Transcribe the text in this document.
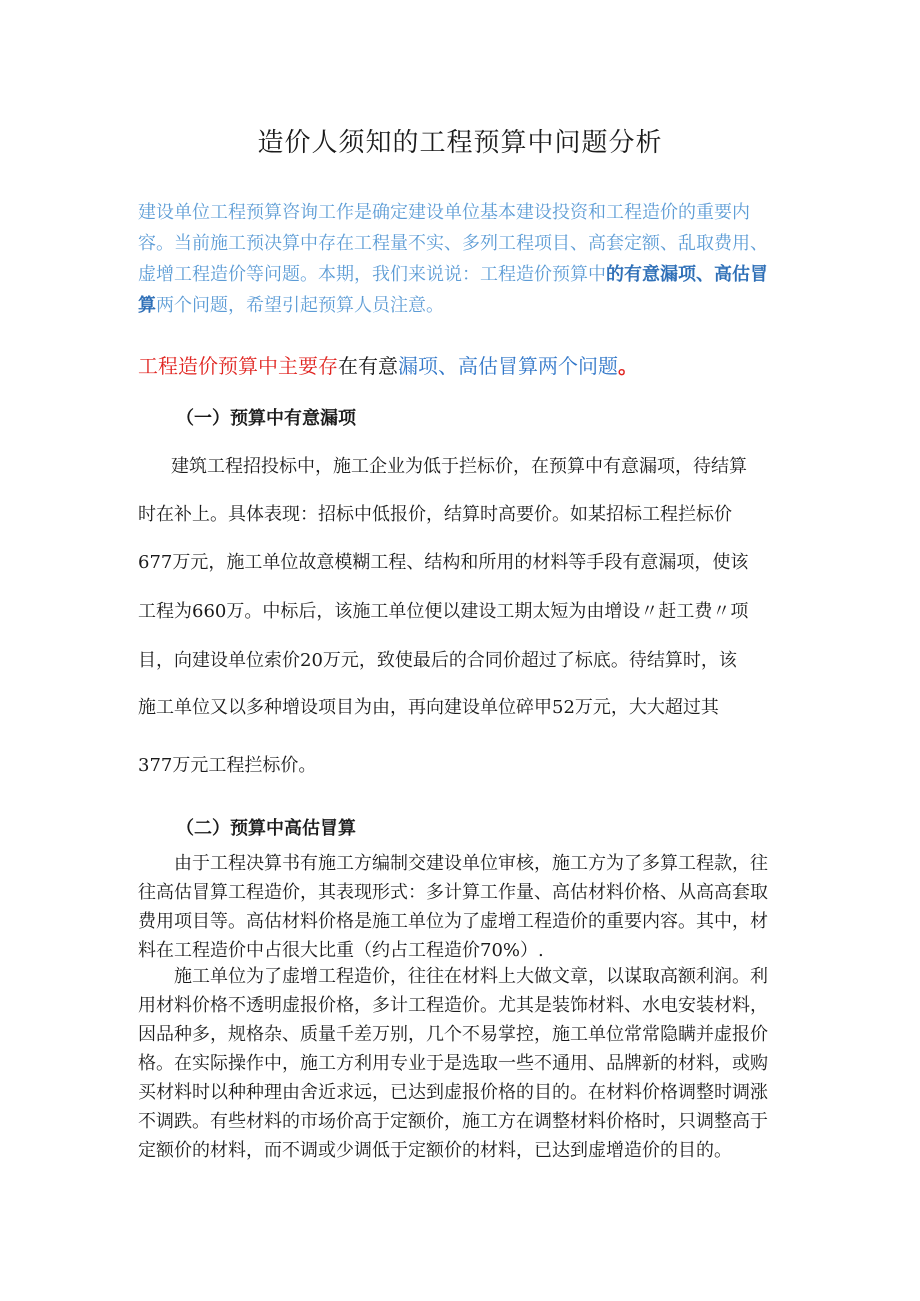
造价人须知的工程预算中问题分析
建设单位工程预算咨询工作是确定建设单位基本建设投资和工程造价的重要内容。当前施工预决算中存在工程量不实、多列工程项目、高套定额、乱取费用、虚增工程造价等问题。本期，我们来说说：工程造价预算中的有意漏项、高估冒算两个问题，希望引起预算人员注意。
工程造价预算中主要存在有意漏项、高估冒算两个问题。
（一）预算中有意漏项
建筑工程招投标中，施工企业为低于拦标价，在预算中有意漏项，待结算
时在补上。具体表现：招标中低报价，结算时高要价。如某招标工程拦标价
677万元，施工单位故意模糊工程、结构和所用的材料等手段有意漏项，使该
工程为660万。中标后，该施工单位便以建设工期太短为由增设〃赶工费〃项
目，向建设单位索价20万元，致使最后的合同价超过了标底。待结算时，该
施工单位又以多种增设项目为由，再向建设单位碎甲52万元，大大超过其
377万元工程拦标价。
（二）预算中高估冒算

由于工程决算书有施工方编制交建设单位审核，施工方为了多算工程款，往往高估冒算工程造价，其表现形式：多计算工作量、高估材料价格、从高高套取费用项目等。高估材料价格是施工单位为了虚增工程造价的重要内容。其中，材料在工程造价中占很大比重（约占工程造价70%）.

施工单位为了虚增工程造价，往往在材料上大做文章，以谋取高额利润。利用材料价格不透明虚报价格，多计工程造价。尤其是装饰材料、水电安装材料，因品种多，规格杂、质量千差万别，几个不易掌控，施工单位常常隐瞒并虚报价格。在实际操作中，施工方利用专业于是选取一些不通用、品牌新的材料，或购买材料时以种种理由舍近求远，已达到虚报价格的目的。在材料价格调整时调涨不调跌。有些材料的市场价高于定额价，施工方在调整材料价格时，只调整高于定额价的材料，而不调或少调低于定额价的材料，已达到虚增造价的目的。
